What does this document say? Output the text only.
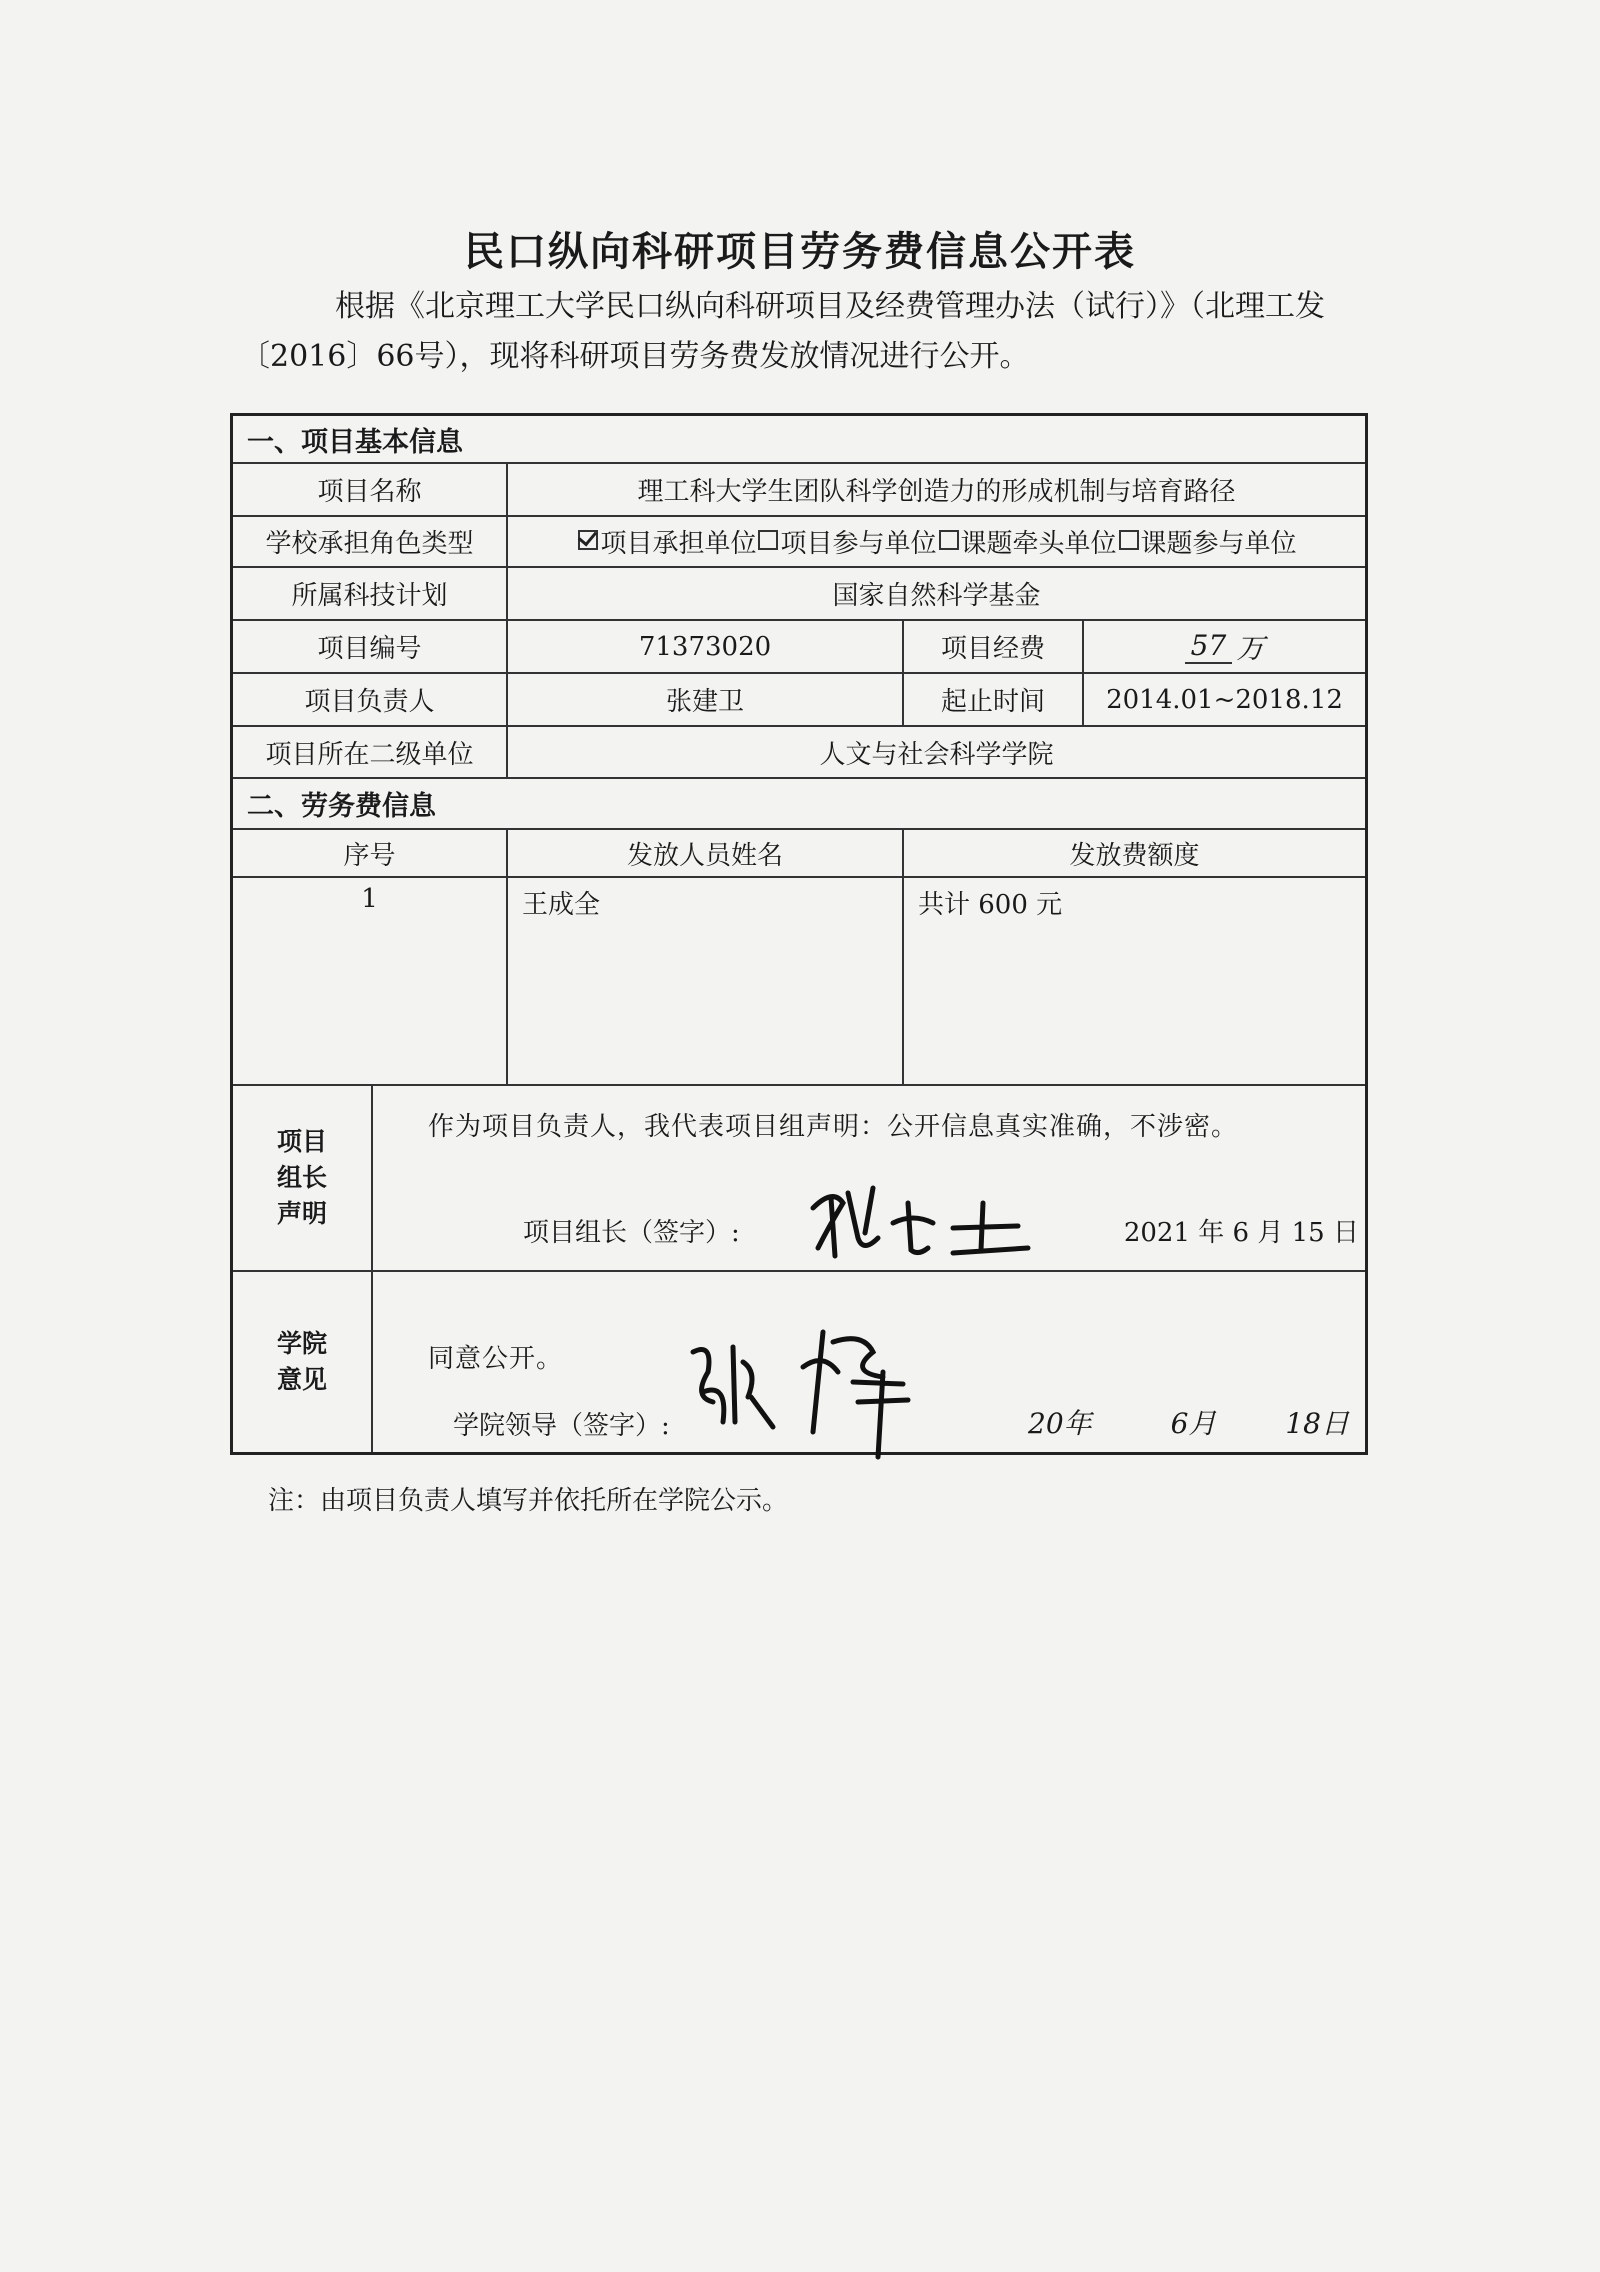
民口纵向科研项目劳务费信息公开表
根据《北京理工大学民口纵向科研项目及经费管理办法（试行）》（北理工发
〔2016〕66号），现将科研项目劳务费发放情况进行公开。
一、项目基本信息
项目名称	理工科大学生团队科学创造力的形成机制与培育路径
学校承担角色类型	项目承担单位 项目参与单位 课题牵头单位 课题参与单位
所属科技计划	国家自然科学基金
项目编号	71373020	项目经费	57 万
项目负责人	张建卫	起止时间	2014.01~2018.12
项目所在二级单位	人文与社会科学学院
二、劳务费信息
序号	发放人员姓名	发放费额度
1	王成全	共计 600 元
项目
组长
声明
作为项目负责人，我代表项目组声明：公开信息真实准确，不涉密。
项目组长（签字）:	2021 年 6 月 15 日
学院
意见
同意公开。
学院领导（签字）:	20年	6月 18日
注：由项目负责人填写并依托所在学院公示。
